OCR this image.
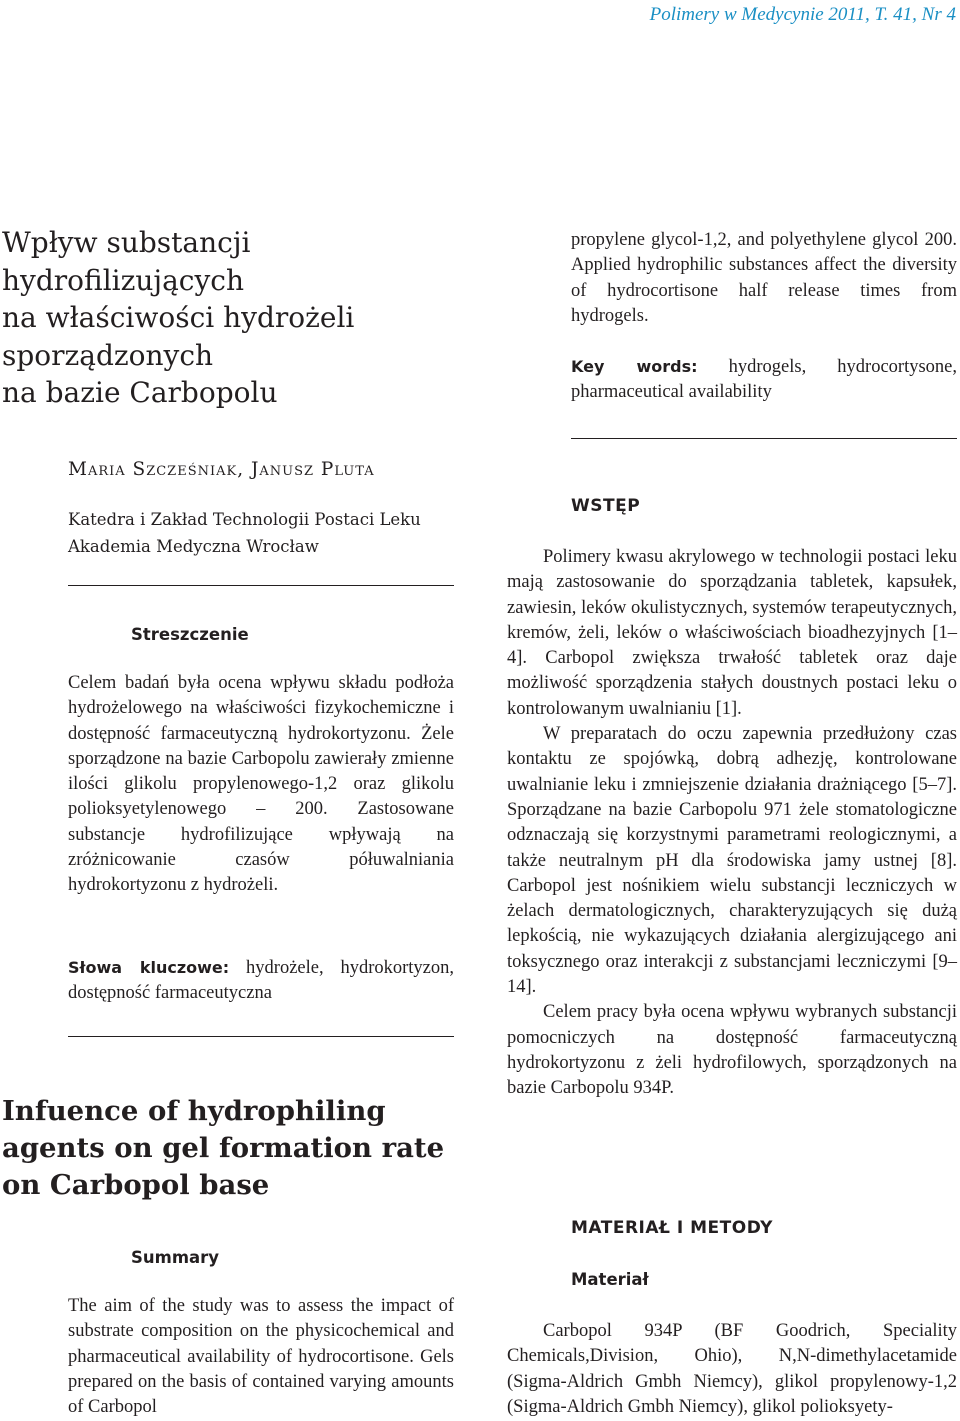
Polimery w Medycynie 2011, T. 41, Nr 4
Wpływ substancji
hydrofilizujących
na właściwości hydrożeli
sporządzonych
na bazie Carbopolu
Maria Szcześniak, Janusz Pluta
Katedra i Zakład Technologii Postaci Leku
Akademia Medyczna Wrocław
Streszczenie

Celem badań była ocena wpływu składu podłoża hydrożelowego na właściwości fizykochemiczne i dostępność farmaceutyczną hydrokortyzonu. Żele sporządzone na bazie Carbopolu zawierały zmienne ilości glikolu propylenowego-1,2 oraz glikolu polioksyetylenowego – 200. Zastosowane substancje hydrofilizujące wpływają na zróżnicowanie czasów półuwalniania hydrokortyzonu z hydrożeli.

Słowa kluczowe: hydrożele, hydrokortyzon, dostępność farmaceutyczna

Infuence of hydrophiling
agents on gel formation rate
on Carbopol base
Summary

The aim of the study was to assess the impact of substrate composition on the physicochemical and pharmaceutical availability of hydrocortisone. Gels prepared on the basis of contained varying amounts of Carbopol

propylene glycol-1,2, and polyethylene glycol 200. Applied hydrophilic substances affect the diversity of hydrocortisone half release times from hydrogels.

Key words: hydrogels, hydrocortysone, pharmaceutical availability

WSTĘP

Polimery kwasu akrylowego w technologii postaci leku mają zastosowanie do sporządzania tabletek, kapsułek, zawiesin, leków okulistycznych, systemów terapeutycznych, kremów, żeli, leków o właściwościach bioadhezyjnych [1–4]. Carbopol zwiększa trwałość tabletek oraz daje możliwość sporządzenia stałych doustnych postaci leku o kontrolowanym uwalnianiu [1].

W preparatach do oczu zapewnia przedłużony czas kontaktu ze spojówką, dobrą adhezję, kontrolowane uwalnianie leku i zmniejszenie działania drażniącego [5–7]. Sporządzane na bazie Carbopolu 971 żele stomatologiczne odznaczają się korzystnymi parametrami reologicznymi, a także neutralnym pH dla środowiska jamy ustnej [8]. Carbopol jest nośnikiem wielu substancji leczniczych w żelach dermatologicznych, charakteryzujących się dużą lepkością, nie wykazujących działania alergizującego ani toksycznego oraz interakcji z substancjami leczniczymi [9–14].

Celem pracy była ocena wpływu wybranych substancji pomocniczych na dostępność farmaceutyczną hydrokortyzonu z żeli hydrofilowych, sporządzonych na bazie Carbopolu 934P.

MATERIAŁ I METODY
Materiał

Carbopol 934P (BF Goodrich, Speciality Chemicals,Division, Ohio), N,N-dimethylacetamide (Sigma-Aldrich Gmbh Niemcy), glikol propylenowy-1,2 (Sigma-Aldrich Gmbh Niemcy), glikol polioksyety-
